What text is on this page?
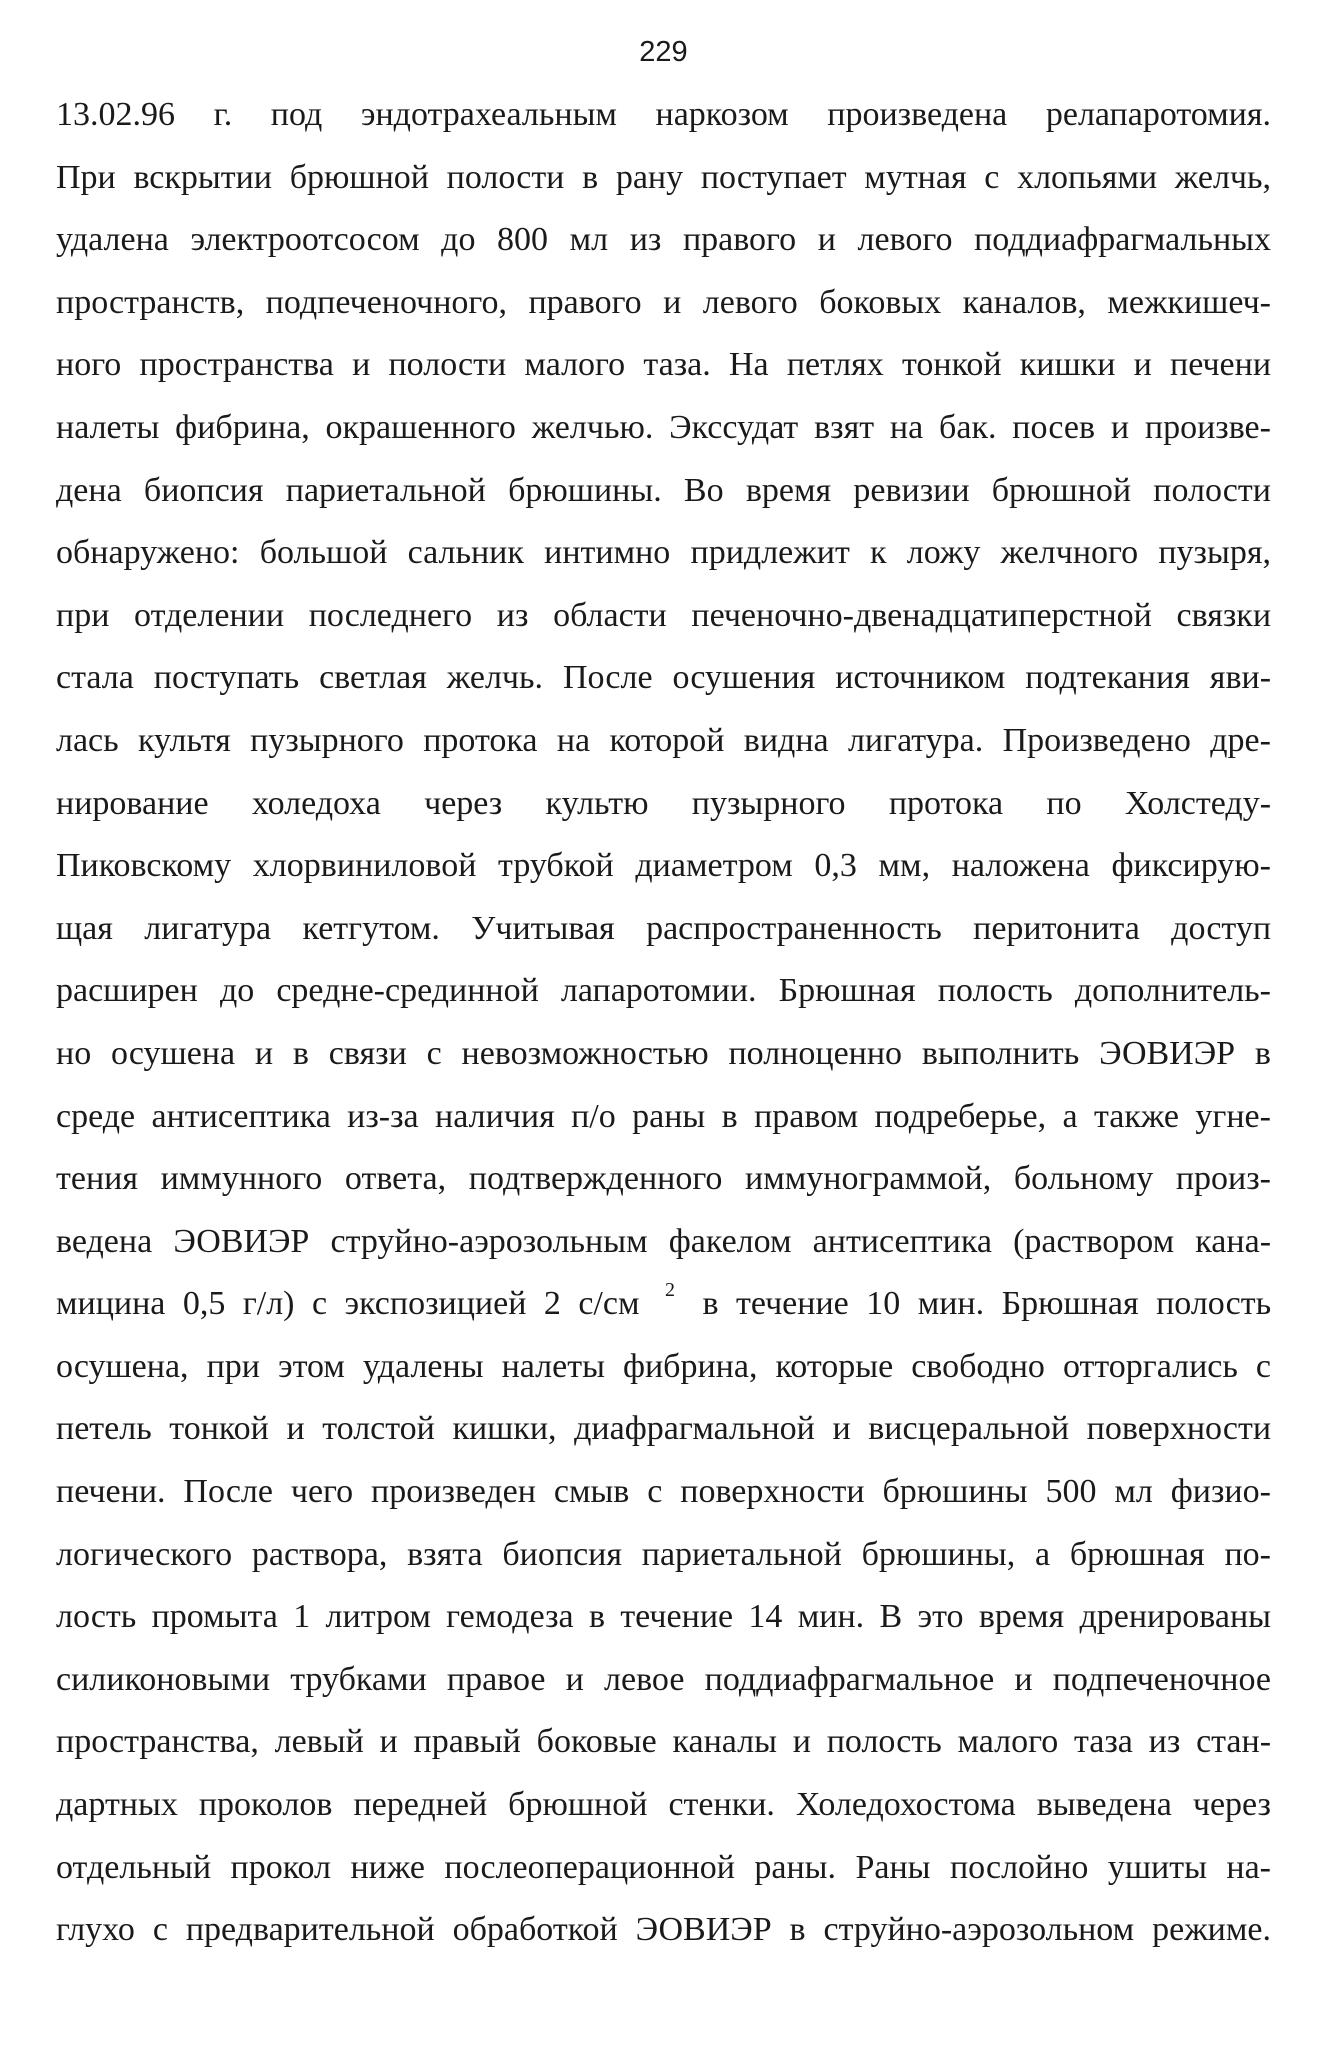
229
13.02.96 г. под эндотрахеальным наркозом произведена релапаротомия.
При вскрытии брюшной полости в рану поступает мутная с хлопьями желчь,
удалена электроотсосом до 800 мл из правого и левого поддиафрагмальных
пространств, подпеченочного, правого и левого боковых каналов, межкишеч-
ного пространства и полости малого таза. На петлях тонкой кишки и печени
налеты фибрина, окрашенного желчью. Экссудат взят на бак. посев и произве-
дена биопсия париетальной брюшины. Во время ревизии брюшной полости
обнаружено: большой сальник интимно придлежит к ложу желчного пузыря,
при отделении последнего из области печеночно-двенадцатиперстной связки
стала поступать светлая желчь. После осушения источником подтекания яви-
лась культя пузырного протока на которой видна лигатура. Произведено дре-
нирование холедоха через культю пузырного протока по Холстеду-
Пиковскому хлорвиниловой трубкой диаметром 0,3 мм, наложена фиксирую-
щая лигатура кетгутом. Учитывая распространенность перитонита доступ
расширен до средне-срединной лапаротомии. Брюшная полость дополнитель-
но осушена и в связи с невозможностью полноценно выполнить ЭОВИЭР в
среде антисептика из-за наличия п/о раны в правом подреберье, а также угне-
тения иммунного ответа, подтвержденного иммунограммой, больному произ-
ведена ЭОВИЭР струйно-аэрозольным факелом антисептика (раствором кана-
мицина 0,5 г/л) с экспозицией 2 с/см $^2$ в течение 10 мин. Брюшная полость
осушена, при этом удалены налеты фибрина, которые свободно отторгались с
петель тонкой и толстой кишки, диафрагмальной и висцеральной поверхности
печени. После чего произведен смыв с поверхности брюшины 500 мл физио-
логического раствора, взята биопсия париетальной брюшины, а брюшная по-
лость промыта 1 литром гемодеза в течение 14 мин. В это время дренированы
силиконовыми трубками правое и левое поддиафрагмальное и подпеченочное
пространства, левый и правый боковые каналы и полость малого таза из стан-
дартных проколов передней брюшной стенки. Холедохостома выведена через
отдельный прокол ниже послеоперационной раны. Раны послойно ушиты на-
глухо с предварительной обработкой ЭОВИЭР в струйно-аэрозольном режиме.
